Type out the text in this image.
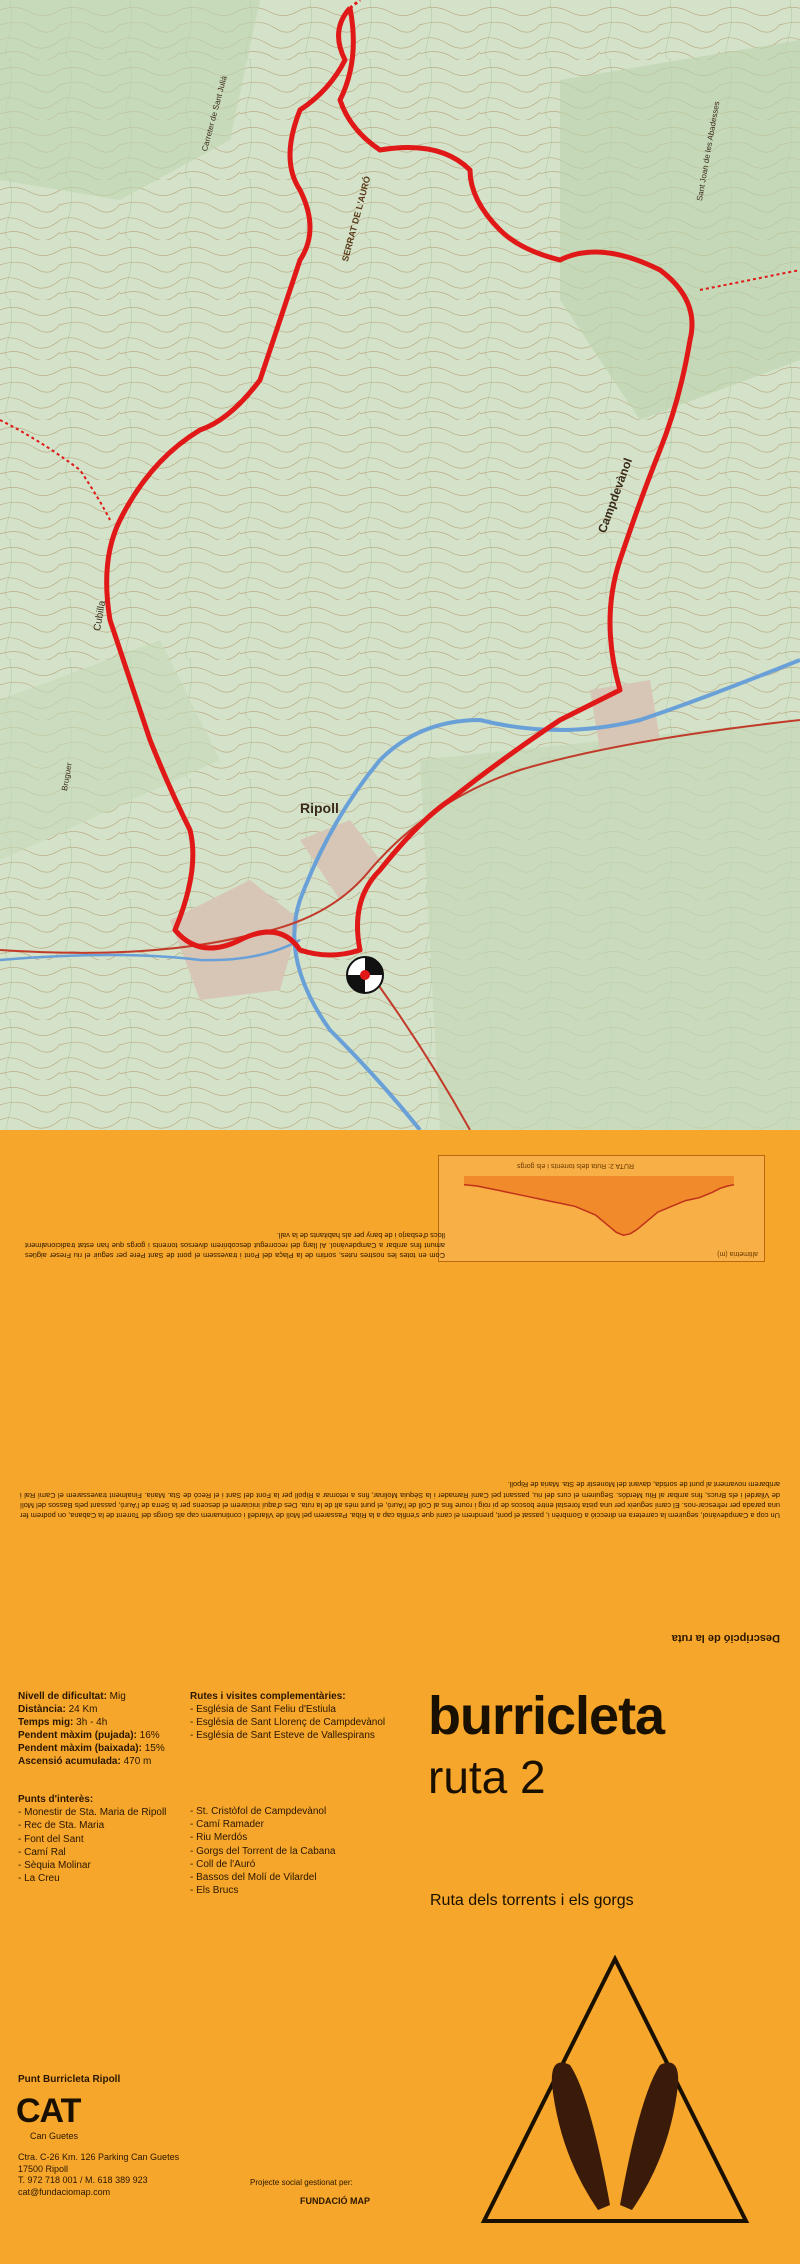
Ripoll
Campdevànol
Cubilla
SERRAT DE L'AURÓ
Sant Joan de les Abadesses
Carreter de Sant Julià
Bruguer
altimetria (m)
RUTA 2: Ruta dels torrents i els gorgs
Com en totes les nostres rutes, sortim de la Plaça del Pont i travessem el pont de Sant Pere per seguir el riu Freser aigües amunt fins arribar a Campdevànol. Al llarg del recorregut descobrirem diversos torrents i gorgs que han estat tradicionalment llocs d'esbarjo i de bany per als habitants de la vall.
Un cop a Campdevànol, seguirem la carretera en direcció a Gombrèn i, passat el pont, prendrem el camí que s'enfila cap a la Riba. Passarem pel Molí de Vilardell i continuarem cap als Gorgs del Torrent de la Cabana, on podrem fer una parada per refrescar-nos. El camí segueix per una pista forestal entre boscos de pi roig i roure fins al Coll de l'Auró, el punt més alt de la ruta. Des d'aquí iniciarem el descens per la Serra de l'Auró, passant pels Bassos del Molí de Vilardel i els Brucs, fins arribar al Riu Merdós. Seguirem el curs del riu, passant pel Camí Ramader i la Sèquia Molinar, fins a retornar a Ripoll per la Font del Sant i el Recó de Sta. Maria. Finalment travessarem el Camí Ral i arribarem novament al punt de sortida, davant del Monestir de Sta. Maria de Ripoll.
Descripció de la ruta
Nivell de dificultat: Mig
Distància: 24 Km
Temps mig: 3h - 4h
Pendent màxim (pujada): 16%
Pendent màxim (baixada): 15%
Ascensió acumulada: 470 m
Rutes i visites complementàries:
- Església de Sant Feliu d'Estiula
- Església de Sant Llorenç de Campdevànol
- Església de Sant Esteve de Vallespirans
Punts d'interès:
- Monestir de Sta. Maria de Ripoll
- Rec de Sta. Maria
- Font del Sant
- Camí Ral
- Sèquia Molinar
- La Creu
- St. Cristòfol de Campdevànol
- Camí Ramader
- Riu Merdós
- Gorgs del Torrent de la Cabana
- Coll de l'Auró
- Bassos del Molí de Vilardel
- Els Brucs
burricleta
ruta 2
Ruta dels torrents i els gorgs
Punt Burricleta Ripoll
CAT
Can Guetes
Ctra. C-26 Km. 126 Parking Can Guetes
17500 Ripoll
T. 972 718 001 / M. 618 389 923
cat@fundaciomap.com
Projecte social gestionat per:
FUNDACIÓ MAP
